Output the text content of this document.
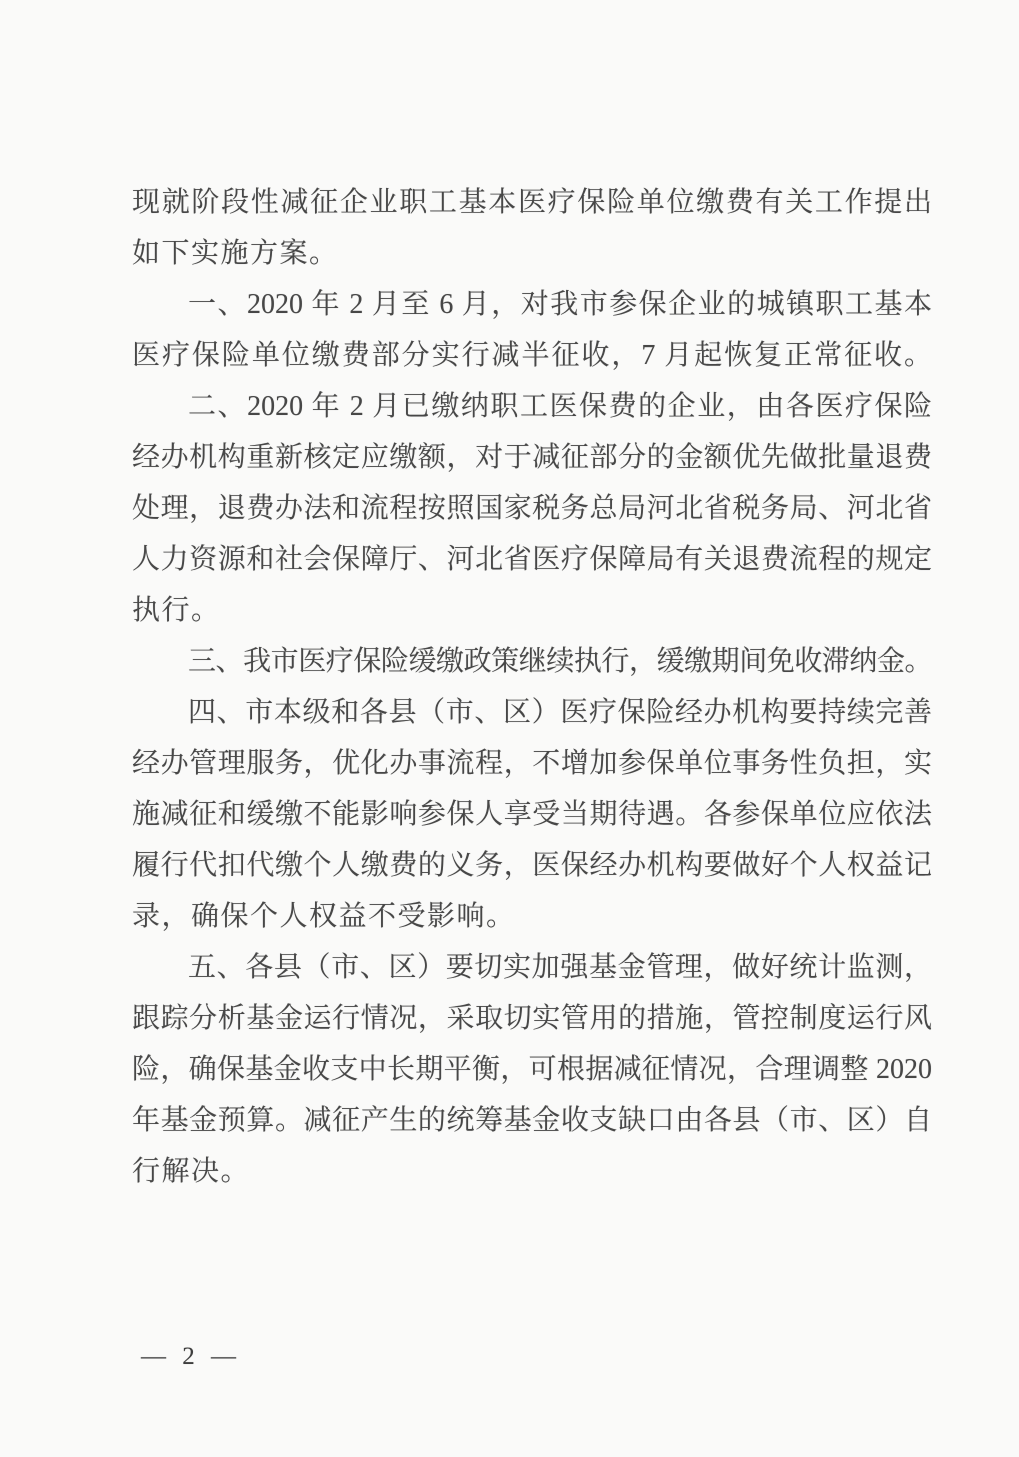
现就阶段性减征企业职工基本医疗保险单位缴费有关工作提出
如下实施方案。
一、2020 年 2 月至 6 月，对我市参保企业的城镇职工基本
医疗保险单位缴费部分实行减半征收，7 月起恢复正常征收。
二、2020 年 2 月已缴纳职工医保费的企业，由各医疗保险
经办机构重新核定应缴额，对于减征部分的金额优先做批量退费
处理，退费办法和流程按照国家税务总局河北省税务局、河北省
人力资源和社会保障厅、河北省医疗保障局有关退费流程的规定
执行。
三、我市医疗保险缓缴政策继续执行，缓缴期间免收滞纳金。
四、市本级和各县（市、区）医疗保险经办机构要持续完善
经办管理服务，优化办事流程，不增加参保单位事务性负担，实
施减征和缓缴不能影响参保人享受当期待遇。各参保单位应依法
履行代扣代缴个人缴费的义务，医保经办机构要做好个人权益记
录，确保个人权益不受影响。
五、各县（市、区）要切实加强基金管理，做好统计监测，
跟踪分析基金运行情况，采取切实管用的措施，管控制度运行风
险，确保基金收支中长期平衡，可根据减征情况，合理调整 2020
年基金预算。减征产生的统筹基金收支缺口由各县（市、区）自
行解决。
— 2 —
